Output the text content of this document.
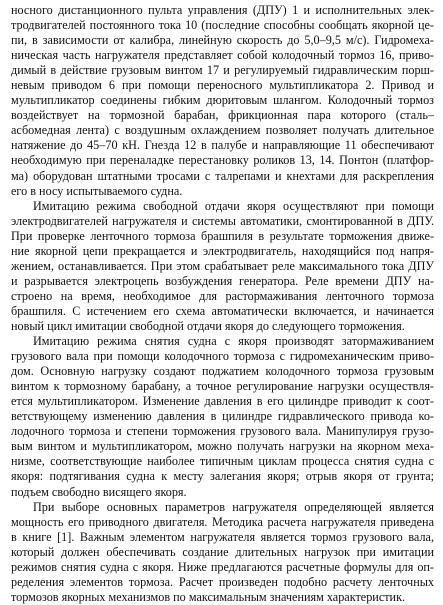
носного дистанционного пульта управления (ДПУ) 1 и исполнительных элек-
тродвигателей постоянного тока 10 (последние способны сообщать якорной це-
пи, в зависимости от калибра, линейную скорость до 5,0–9,5 м/с). Гидромеха-
ническая часть нагружателя представляет собой колодочный тормоз 16, приво-
димый в действие грузовым винтом 17 и регулируемый гидравлическим порш-
невым приводом 6 при помощи переносного мультипликатора 2. Привод и
мультипликатор соединены гибким дюритовым шлангом. Колодочный тормоз
воздействует на тормозной барабан, фрикционная пара которого (сталь–
асбомедная лента) с воздушным охлаждением позволяет получать длительное
натяжение до 45–70 кН. Гнезда 12 в палубе и направляющие 11 обеспечивают
необходимую при переналадке перестановку роликов 13, 14. Понтон (платфор-
ма) оборудован штатными тросами с талрепами и кнехтами для раскрепления
его в носу испытываемого судна.
Имитацию режима свободной отдачи якоря осуществляют при помощи
электродвигателей нагружателя и системы автоматики, смонтированной в ДПУ.
При проверке ленточного тормоза брашпиля в результате торможения движе-
ние якорной цепи прекращается и электродвигатель, находящийся под напря-
жением, останавливается. При этом срабатывает реле максимального тока ДПУ
и разрывается электроцепь возбуждения генератора. Реле времени ДПУ на-
строено на время, необходимое для растормаживания ленточного тормоза
брашпиля. С истечением его схема автоматически включается, и начинается
новый цикл имитации свободной отдачи якоря до следующего торможения.
Имитацию режима снятия судна с якоря производят затормаживанием
грузового вала при помощи колодочного тормоза с гидромеханическим приво-
дом. Основную нагрузку создают поджатием колодочного тормоза грузовым
винтом к тормозному барабану, а точное регулирование нагрузки осуществля-
ется мультипликатором. Изменение давления в его цилиндре приводит к соот-
ветствующему изменению давления в цилиндре гидравлического привода ко-
лодочного тормоза и степени торможения грузового вала. Манипулируя грузо-
вым винтом и мультипликатором, можно получать нагрузки на якорном меха-
низме, соответствующие наиболее типичным циклам процесса снятия судна с
якоря: подтягивания судна к месту залегания якоря; отрыв якоря от грунта;
подъем свободно висящего якоря.
При выборе основных параметров нагружателя определяющей является
мощность его приводного двигателя. Методика расчета нагружателя приведена
в книге [1]. Важным элементом нагружателя является тормоз грузового вала,
который должен обеспечивать создание длительных нагрузок при имитации
режимов снятия судна с якоря. Ниже предлагаются расчетные формулы для оп-
ределения элементов тормоза. Расчет произведен подобно расчету ленточных
тормозов якорных механизмов по максимальным значениям характеристик.
